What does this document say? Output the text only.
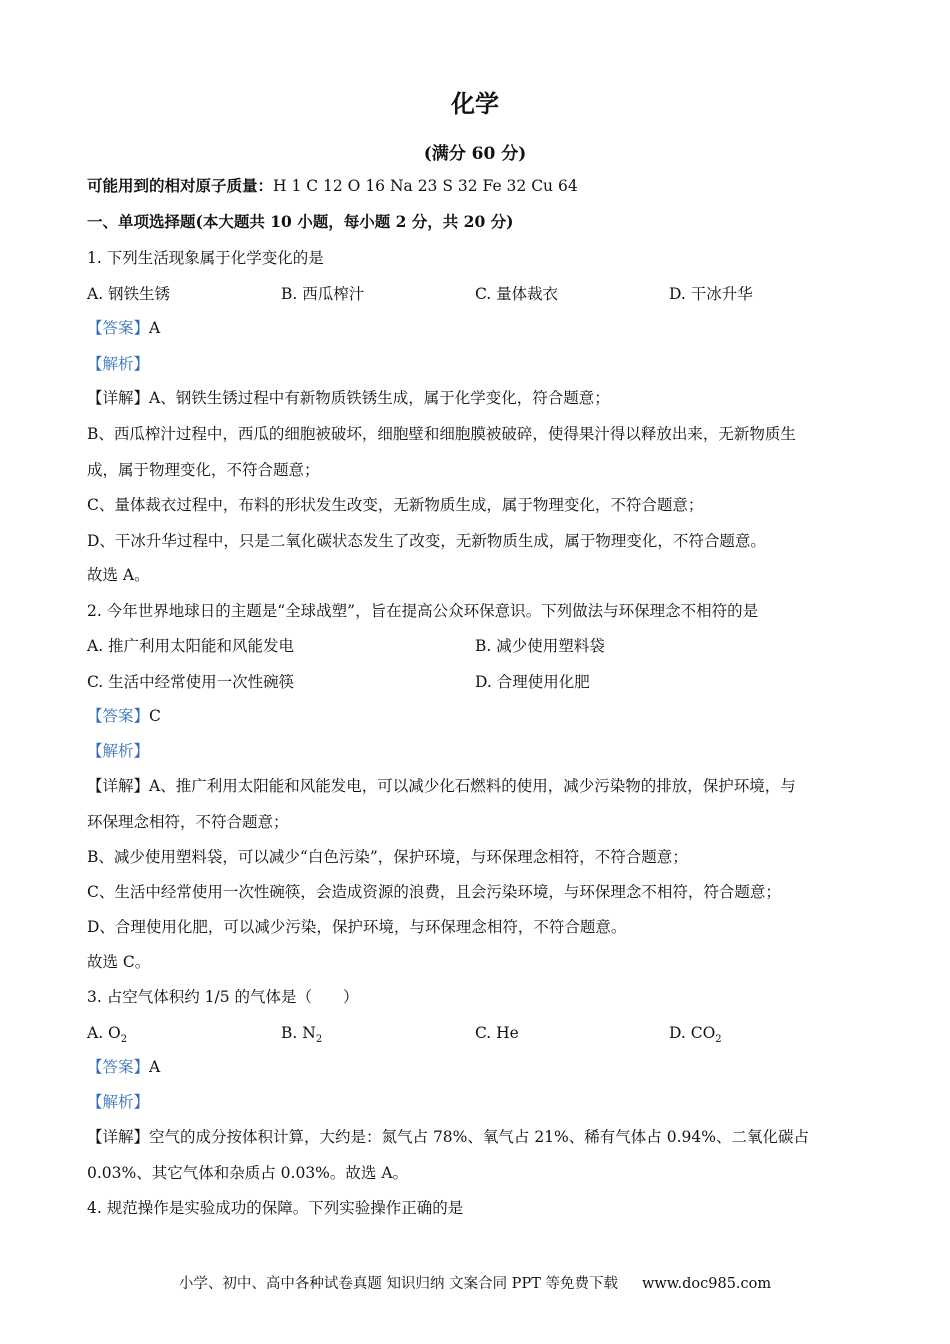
化学
(满分 60 分)
可能用到的相对原子质量：H 1 C 12 O 16 Na 23 S 32 Fe 32 Cu 64
一、单项选择题(本大题共 10 小题，每小题 2 分，共 20 分)
1. 下列生活现象属于化学变化的是
A. 钢铁生锈	B. 西瓜榨汁	C. 量体裁衣	D. 干冰升华
【答案】A
【解析】
【详解】A、钢铁生锈过程中有新物质铁锈生成，属于化学变化，符合题意；
B、西瓜榨汁过程中，西瓜的细胞被破坏，细胞壁和细胞膜被破碎，使得果汁得以释放出来，无新物质生
成，属于物理变化，不符合题意；
C、量体裁衣过程中，布料的形状发生改变，无新物质生成，属于物理变化，不符合题意；
D、干冰升华过程中，只是二氧化碳状态发生了改变，无新物质生成，属于物理变化，不符合题意。
故选 A。
2. 今年世界地球日的主题是“全球战塑”，旨在提高公众环保意识。下列做法与环保理念不相符的是
A. 推广利用太阳能和风能发电	B. 减少使用塑料袋
C. 生活中经常使用一次性碗筷	D. 合理使用化肥
【答案】C
【解析】
【详解】A、推广利用太阳能和风能发电，可以减少化石燃料的使用，减少污染物的排放，保护环境，与
环保理念相符，不符合题意；
B、减少使用塑料袋，可以减少“白色污染”，保护环境，与环保理念相符，不符合题意；
C、生活中经常使用一次性碗筷，会造成资源的浪费，且会污染环境，与环保理念不相符，符合题意；
D、合理使用化肥，可以减少污染，保护环境，与环保理念相符，不符合题意。
故选 C。
3. 占空气体积约 1/5 的气体是（　　）
A. $O_2$	B. $N_2$	C. He	D. $CO_2$
【答案】A
【解析】
【详解】空气的成分按体积计算，大约是：氮气占 78%、氧气占 21%、稀有气体占 0.94%、二氧化碳占
0.03%、其它气体和杂质占 0.03%。故选 A。
4. 规范操作是实验成功的保障。下列实验操作正确的是
小学、初中、高中各种试卷真题 知识归纳 文案合同 PPT 等免费下载 www.doc985.com
